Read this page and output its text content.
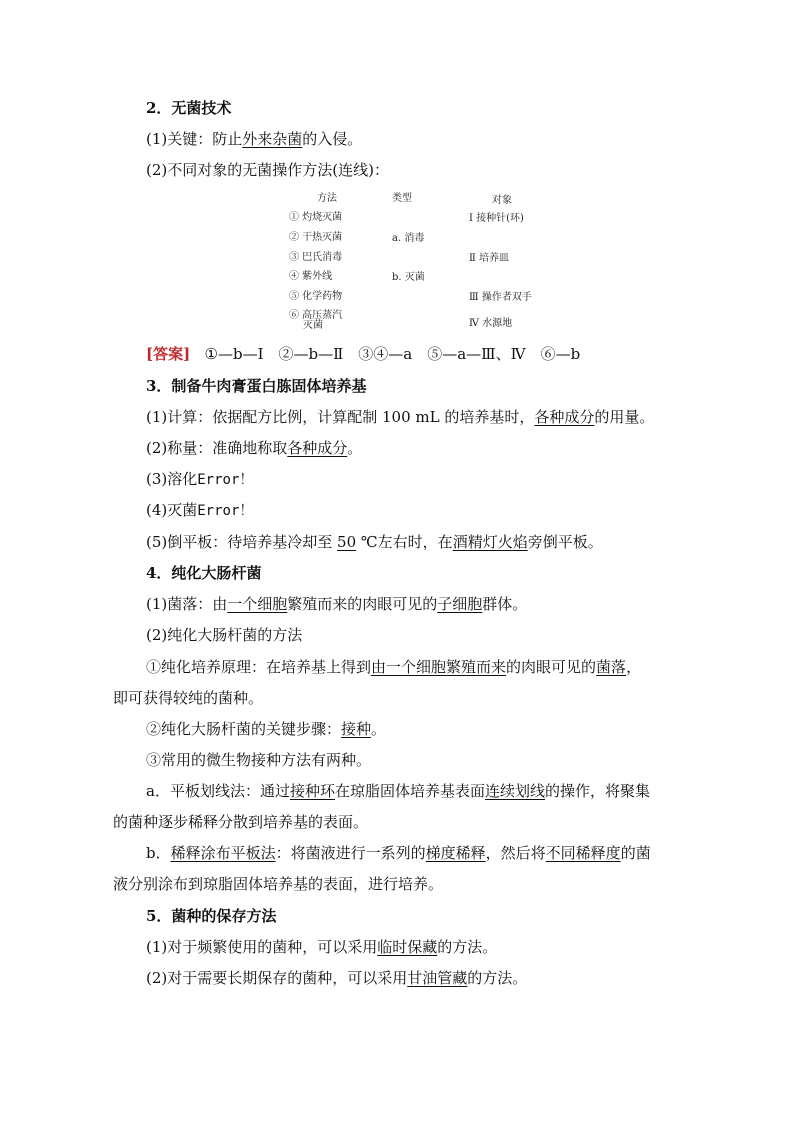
2．无菌技术
(1)关键：防止外来杂菌的入侵。
(2)不同对象的无菌操作方法(连线)：
方法	类型	对象
① 灼烧灭菌
② 干热灭菌
③ 巴氏消毒
④ 紫外线
⑤ 化学药物
⑥ 高压蒸汽
灭菌
a. 消毒
b. 灭菌
Ⅰ 接种针(环)
Ⅱ 培养皿
Ⅲ 操作者双手
Ⅳ 水源地
[答案] ①—b—Ⅰ　②—b—Ⅱ　③④—a　⑤—a—Ⅲ、Ⅳ　⑥—b
3．制备牛肉膏蛋白胨固体培养基
(1)计算：依据配方比例，计算配制 100 mL 的培养基时，各种成分的用量。
(2)称量：准确地称取各种成分。
(3)溶化Error！
(4)灭菌Error！
(5)倒平板：待培养基冷却至 50 ℃左右时，在酒精灯火焰旁倒平板。
4．纯化大肠杆菌
(1)菌落：由一个细胞繁殖而来的肉眼可见的子细胞群体。
(2)纯化大肠杆菌的方法
①纯化培养原理：在培养基上得到由一个细胞繁殖而来的肉眼可见的菌落，
即可获得较纯的菌种。
②纯化大肠杆菌的关键步骤：接种。
③常用的微生物接种方法有两种。
a．平板划线法：通过接种环在琼脂固体培养基表面连续划线的操作，将聚集
的菌种逐步稀释分散到培养基的表面。
b．稀释涂布平板法：将菌液进行一系列的梯度稀释，然后将不同稀释度的菌
液分别涂布到琼脂固体培养基的表面，进行培养。
5．菌种的保存方法
(1)对于频繁使用的菌种，可以采用临时保藏的方法。
(2)对于需要长期保存的菌种，可以采用甘油管藏的方法。
